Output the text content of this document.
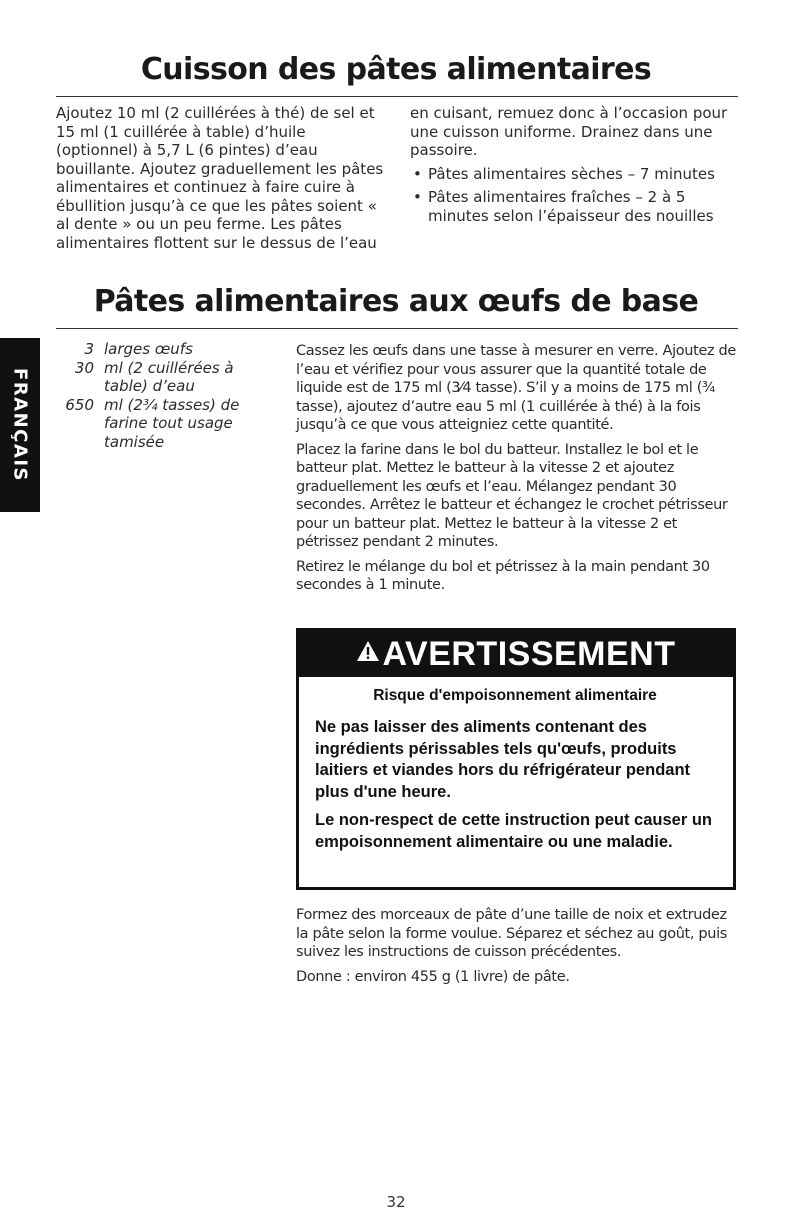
Cuisson des pâtes alimentaires
Ajoutez 10 ml (2 cuillérées à thé) de sel et 15 ml (1 cuillérée à table) d’huile (optionnel) à 5,7 L (6 pintes) d’eau bouillante. Ajoutez graduellement les pâtes alimentaires et continuez à faire cuire à ébullition jusqu’à ce que les pâtes soient « al dente » ou un peu ferme. Les pâtes alimentaires flottent sur le dessus de l’eau

en cuisant, remuez donc à l’occasion pour une cuisson uniforme. Drainez dans une passoire.

• Pâtes alimentaires sèches – 7 minutes
• Pâtes alimentaires fraîches – 2 à 5 minutes selon l’épaisseur des nouilles
Pâtes alimentaires aux œufs de base
FRANÇAIS
3 larges œufs
30 ml (2 cuillérées à table) d’eau
650 ml (2³⁄₄ tasses) de farine tout usage tamisée

Cassez les œufs dans une tasse à mesurer en verre. Ajoutez de l’eau et vérifiez pour vous assurer que la quantité totale de liquide est de 175 ml (3⁄4 tasse). S’il y a moins de 175 ml (³⁄₄ tasse), ajoutez d’autre eau 5 ml (1 cuillérée à thé) à la fois jusqu’à ce que vous atteigniez cette quantité.

Placez la farine dans le bol du batteur. Installez le bol et le batteur plat. Mettez le batteur à la vitesse 2 et ajoutez graduellement les œufs et l’eau. Mélangez pendant 30 secondes. Arrêtez le batteur et échangez le crochet pétrisseur pour un batteur plat. Mettez le batteur à la vitesse 2 et pétrissez pendant 2 minutes.

Retirez le mélange du bol et pétrissez à la main pendant 30 secondes à 1 minute.

AVERTISSEMENT

Risque d'empoisonnement alimentaire

Ne pas laisser des aliments contenant des ingrédients périssables tels qu'œufs, produits laitiers et viandes hors du réfrigérateur pendant plus d'une heure.

Le non-respect de cette instruction peut causer un empoisonnement alimentaire ou une maladie.

Formez des morceaux de pâte d’une taille de noix et extrudez la pâte selon la forme voulue. Séparez et séchez au goût, puis suivez les instructions de cuisson précédentes.

Donne : environ 455 g (1 livre) de pâte.

32
